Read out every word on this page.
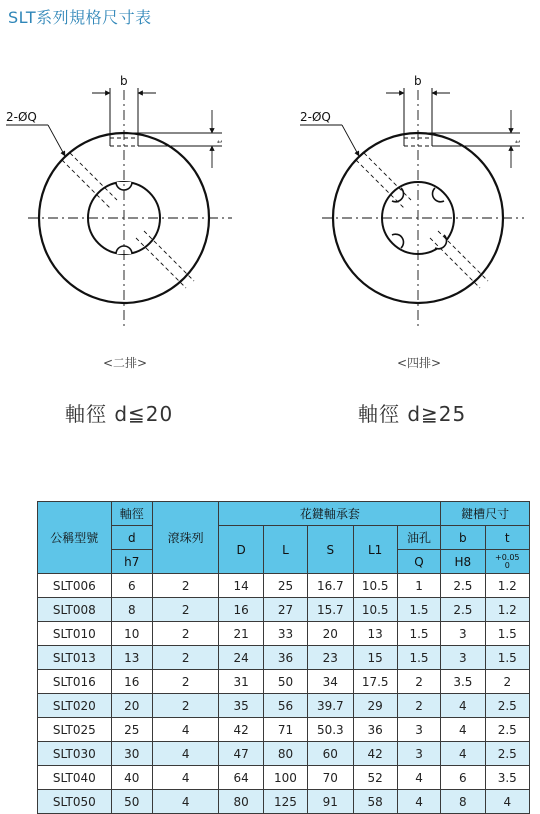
SLT系列規格尺寸表
b
2-ØQ
t
b
2-ØQ
t
<二排>	<四排>
軸徑 d≦20	軸徑 d≧25
公稱型號	軸徑	滾珠列	花鍵軸承套					鍵槽尺寸	
	d		D	L	S	L1	油孔	b	t
	h7						Q	H8	+0.05
0

SLT006	6	2	14	25	16.7	10.5	1	2.5	1.2
SLT008	8	2	16	27	15.7	10.5	1.5	2.5	1.2
SLT010	10	2	21	33	20	13	1.5	3	1.5
SLT013	13	2	24	36	23	15	1.5	3	1.5
SLT016	16	2	31	50	34	17.5	2	3.5	2
SLT020	20	2	35	56	39.7	29	2	4	2.5
SLT025	25	4	42	71	50.3	36	3	4	2.5
SLT030	30	4	47	80	60	42	3	4	2.5
SLT040	40	4	64	100	70	52	4	6	3.5
SLT050	50	4	80	125	91	58	4	8	4
